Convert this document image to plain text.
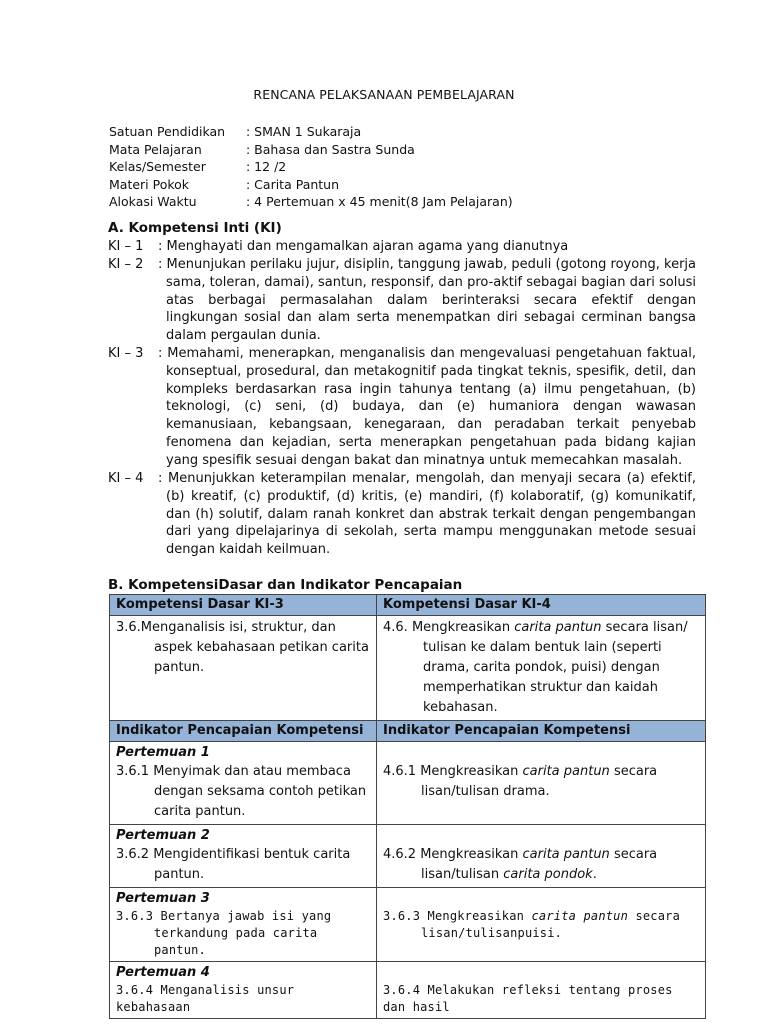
RENCANA PELAKSANAAN PEMBELAJARAN
Satuan Pendidikan : SMAN 1 Sukaraja
Mata Pelajaran	: Bahasa dan Sastra Sunda
Kelas/Semester	: 12 /2
Materi Pokok	: Carita Pantun
Alokasi Waktu	: 4 Pertemuan x 45 menit(8 Jam Pelajaran)
A. Kompetensi Inti (KI)
KI – 1 : Menghayati dan mengamalkan ajaran agama yang dianutnya
KI – 2 : Menunjukan perilaku jujur, disiplin, tanggung jawab, peduli (gotong royong, kerja sama, toleran, damai), santun, responsif, dan pro-aktif sebagai bagian dari solusi atas berbagai permasalahan dalam berinteraksi secara efektif dengan lingkungan sosial dan alam serta menempatkan diri sebagai cerminan bangsa dalam pergaulan dunia.
KI – 3 : Memahami, menerapkan, menganalisis dan mengevaluasi pengetahuan faktual, konseptual, prosedural, dan metakognitif pada tingkat teknis, spesifik, detil, dan kompleks berdasarkan rasa ingin tahunya tentang (a) ilmu pengetahuan, (b) teknologi, (c) seni, (d) budaya, dan (e) humaniora dengan wawasan kemanusiaan, kebangsaan, kenegaraan, dan peradaban terkait penyebab fenomena dan kejadian, serta menerapkan pengetahuan pada bidang kajian yang spesifik sesuai dengan bakat dan minatnya untuk memecahkan masalah.
KI – 4 : Menunjukkan keterampilan menalar, mengolah, dan menyaji secara (a) efektif, (b) kreatif, (c) produktif, (d) kritis, (e) mandiri, (f) kolaboratif, (g) komunikatif, dan (h) solutif, dalam ranah konkret dan abstrak terkait dengan pengembangan dari yang dipelajarinya di sekolah, serta mampu menggunakan metode sesuai dengan kaidah keilmuan.
B. KompetensiDasar dan Indikator Pencapaian
Kompetensi Dasar KI-3	Kompetensi Dasar KI-4

3.6.Menganalisis isi, struktur, dan aspek kebahasaan petikan carita pantun.	4.6. Mengkreasikan carita pantun secara lisan/ tulisan ke dalam bentuk lain (seperti drama, carita pondok, puisi) dengan memperhatikan struktur dan kaidah kebahasan.

Indikator Pencapaian Kompetensi	Indikator Pencapaian Kompetensi

Pertemuan 1
3.6.1 Menyimak dan atau membaca dengan seksama contoh petikan carita pantun.	4.6.1 Mengkreasikan carita pantun secara lisan/tulisan drama.

Pertemuan 2
3.6.2 Mengidentifikasi bentuk carita pantun.	4.6.2 Mengkreasikan carita pantun secara lisan/tulisan carita pondok.

Pertemuan 3
3.6.3 Bertanya jawab isi yang terkandung pada carita pantun.	3.6.3 Mengkreasikan carita pantun secara lisan/tulisanpuisi.

Pertemuan 4
3.6.4 Menganalisis unsur kebahasaan	3.6.4 Melakukan refleksi tentang proses dan hasil
